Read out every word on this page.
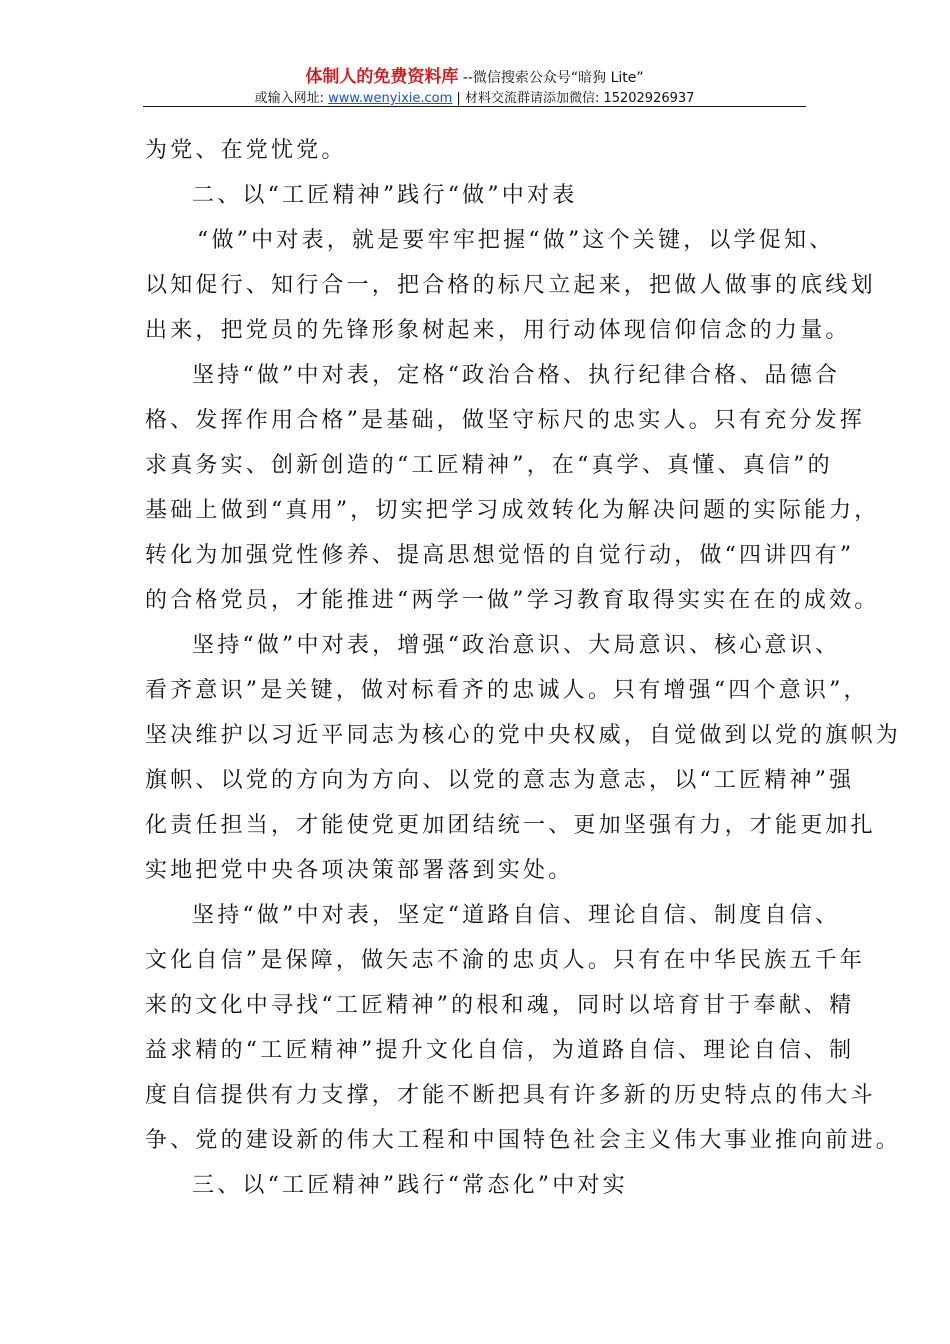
体制人的免费资料库 --微信搜索公众号“暗狗 Lite”
或输入网址: www.wenyixie.com | 材料交流群请添加微信: 15202926937
为党、在党忧党。
二、以“工匠精神”践行“做”中对表
“做”中对表，就是要牢牢把握“做”这个关键，以学促知、
以知促行、知行合一，把合格的标尺立起来，把做人做事的底线划
出来，把党员的先锋形象树起来，用行动体现信仰信念的力量。
坚持“做”中对表，定格“政治合格、执行纪律合格、品德合
格、发挥作用合格”是基础，做坚守标尺的忠实人。只有充分发挥
求真务实、创新创造的“工匠精神”，在“真学、真懂、真信”的
基础上做到“真用”，切实把学习成效转化为解决问题的实际能力，
转化为加强党性修养、提高思想觉悟的自觉行动，做“四讲四有”
的合格党员，才能推进“两学一做”学习教育取得实实在在的成效。
坚持“做”中对表，增强“政治意识、大局意识、核心意识、
看齐意识”是关键，做对标看齐的忠诚人。只有增强“四个意识”，
坚决维护以习近平同志为核心的党中央权威，自觉做到以党的旗帜为
旗帜、以党的方向为方向、以党的意志为意志，以“工匠精神”强
化责任担当，才能使党更加团结统一、更加坚强有力，才能更加扎
实地把党中央各项决策部署落到实处。
坚持“做”中对表，坚定“道路自信、理论自信、制度自信、
文化自信”是保障，做矢志不渝的忠贞人。只有在中华民族五千年
来的文化中寻找“工匠精神”的根和魂，同时以培育甘于奉献、精
益求精的“工匠精神”提升文化自信，为道路自信、理论自信、制
度自信提供有力支撑，才能不断把具有许多新的历史特点的伟大斗
争、党的建设新的伟大工程和中国特色社会主义伟大事业推向前进。
三、以“工匠精神”践行“常态化”中对实
